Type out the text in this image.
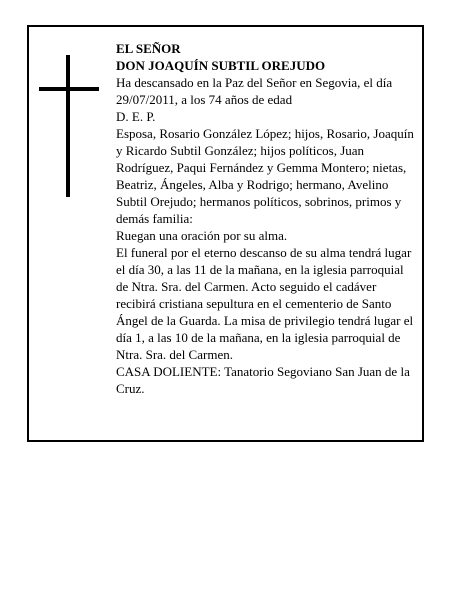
EL SEÑOR

DON JOAQUÍN SUBTIL OREJUDO

Ha descansado en la Paz del Señor en Segovia, el día 29/07/2011, a los 74 años de edad

D. E. P.

Esposa, Rosario González López; hijos, Rosario, Joaquín y Ricardo Subtil González; hijos políticos, Juan Rodríguez, Paqui Fernández y Gemma Montero; nietas, Beatriz, Ángeles, Alba y Rodrigo; hermano, Avelino Subtil Orejudo; hermanos políticos, sobrinos, primos y demás familia:

Ruegan una oración por su alma.

El funeral por el eterno descanso de su alma tendrá lugar el día 30, a las 11 de la mañana, en la iglesia parroquial de Ntra. Sra. del Carmen. Acto seguido el cadáver recibirá cristiana sepultura en el cementerio de Santo Ángel de la Guarda. La misa de privilegio tendrá lugar el día 1, a las 10 de la mañana, en la iglesia parroquial de Ntra. Sra. del Carmen.

CASA DOLIENTE: Tanatorio Segoviano San Juan de la Cruz.
